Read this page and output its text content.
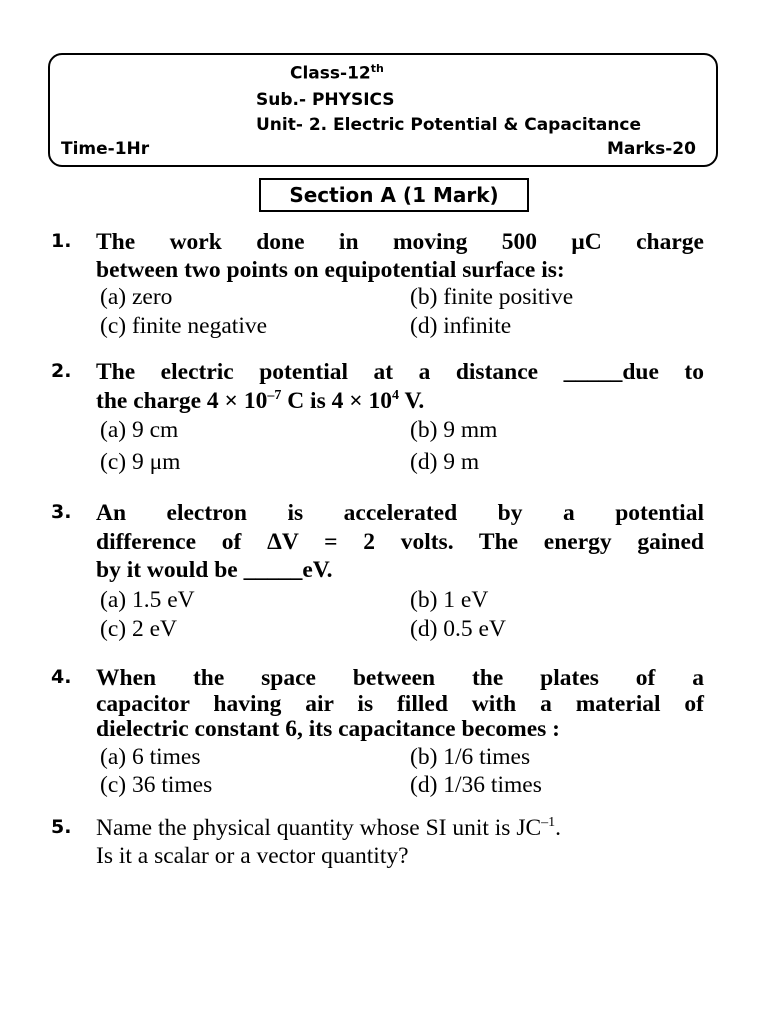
Class-12th
Sub.- PHYSICS
Unit- 2. Electric Potential & Capacitance
Time-1Hr	Marks-20
Section A (1 Mark)
1. The work done in moving 500 μC charge
between two points on equipotential surface is:
(a) zero	(b) finite positive
(c) finite negative	(d) infinite
2. The electric potential at a distance _____due to
the charge $4 \times 10^{-7}$ C is $4 \times 10^4$ V.
(a) 9 cm	(b) 9 mm
(c) 9 μm	(d) 9 m
3. An electron is accelerated by a potential
difference of ΔV = 2 volts. The energy gained
by it would be _____eV.
(a) 1.5 eV	(b) 1 eV
(c) 2 eV	(d) 0.5 eV
4. When the space between the plates of a
capacitor having air is filled with a material of
dielectric constant 6, its capacitance becomes :
(a) 6 times	(b) 1/6 times
(c) 36 times	(d) 1/36 times
5. Name the physical quantity whose SI unit is $JC^{-1}$.
Is it a scalar or a vector quantity?
